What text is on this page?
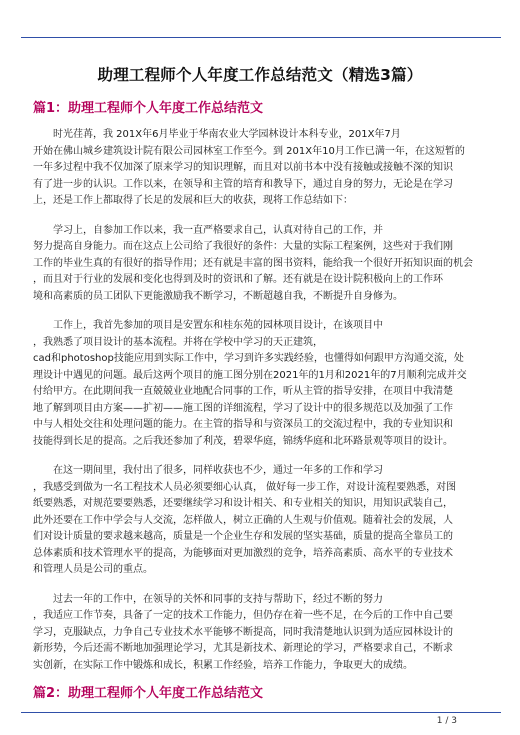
助理工程师个人年度工作总结范文（精选3篇）
篇1：助理工程师个人年度工作总结范文

　　时光荏苒，我 201X年6月毕业于华南农业大学园林设计本科专业，201X年7月
开始在佛山城乡建筑设计院有限公司园林室工作至今。到 201X年10月工作已满一年，在这短暂的
一年多过程中我不仅加深了原来学习的知识理解，而且对以前书本中没有接触或接触不深的知识
有了进一步的认识。工作以来，在领导和主管的培育和教导下，通过自身的努力，无论是在学习
上，还是工作上都取得了长足的发展和巨大的收获，现将工作总结如下：

　　学习上，自参加工作以来，我一直严格要求自己，认真对待自己的工作，并
努力提高自身能力。而在这点上公司给了我很好的条件：大量的实际工程案例，这些对于我们刚
工作的毕业生真的有很好的指导作用；还有就是丰富的图书资料，能给我一个很好开拓知识面的机会
，而且对于行业的发展和变化也得到及时的资讯和了解。还有就是在设计院积极向上的工作环
境和高素质的员工团队下更能激励我不断学习，不断超越自我，不断提升自身修为。

　　工作上，我首先参加的项目是安置东和桂东苑的园林项目设计，在该项目中
，我熟悉了项目设计的基本流程。并将在学校中学习的天正建筑，
cad和photoshop技能应用到实际工作中，学习到许多实践经验，也懂得如何跟甲方沟通交流，处
理设计中遇见的问题。最后这两个项目的施工图分别在2021年的1月和2021年的7月顺利完成并交
付给甲方。在此期间我一直兢兢业业地配合同事的工作，听从主管的指导安排，在项目中我清楚
地了解到项目由方案——扩初——施工图的详细流程，学习了设计中的很多规范以及加强了工作
中与人相处交往和处理问题的能力。在主管的指导和与资深员工的交流过程中，我的专业知识和
技能得到长足的提高。之后我还参加了利茂，碧翠华庭，锦绣华庭和北环路景观等项目的设计。

　　在这一期间里，我付出了很多，同样收获也不少，通过一年多的工作和学习
，我感受到做为一名工程技术人员必须要细心认真， 做好每一步工作，对设计流程要熟悉，对图
纸要熟悉，对规范要要熟悉，还要继续学习和设计相关、和专业相关的知识，用知识武装自己，
此外还要在工作中学会与人交流，怎样做人，树立正确的人生观与价值观。随着社会的发展，人
们对设计质量的要求越来越高，质量是一个企业生存和发展的坚实基础，质量的提高全靠员工的
总体素质和技术管理水平的提高，为能够面对更加激烈的竞争，培养高素质、高水平的专业技术
和管理人员是公司的重点。

　　过去一年的工作中，在领导的关怀和同事的支持与帮助下，经过不断的努力
，我适应工作节奏，具备了一定的技术工作能力，但仍存在着一些不足，在今后的工作中自己要
学习，克服缺点，力争自己专业技术水平能够不断提高，同时我清楚地认识到为适应园林设计的
新形势，今后还需不断地加强理论学习，尤其是新技术、新理论的学习，严格要求自己，不断求
实创新，在实际工作中锻炼和成长，积累工作经验，培养工作能力，争取更大的成绩。

篇2：助理工程师个人年度工作总结范文
1 / 3
